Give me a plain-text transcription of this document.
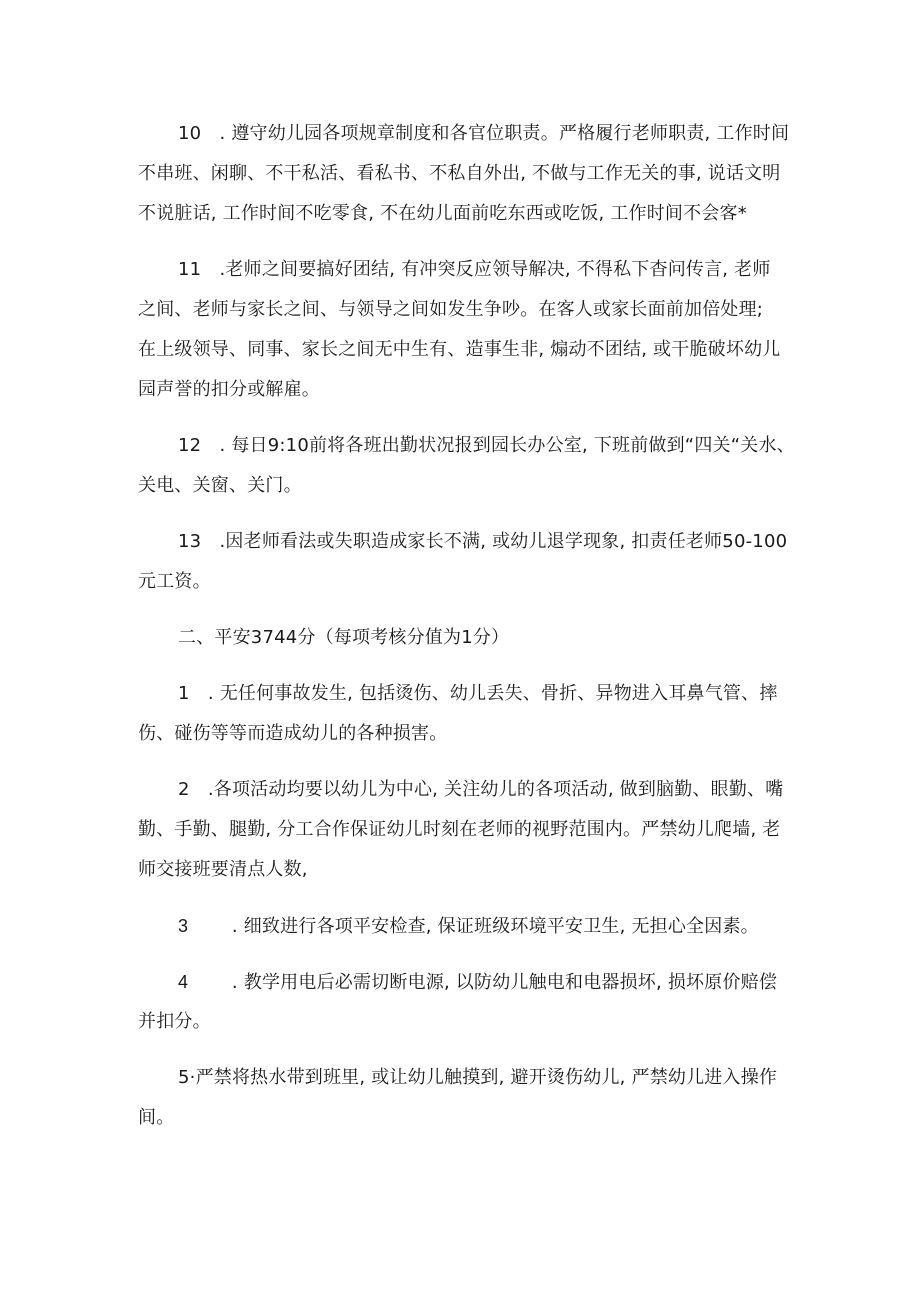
10　. 遵守幼儿园各项规章制度和各官位职责。严格履行老师职责, 工作时间
不串班、闲聊、不干私活、看私书、不私自外出, 不做与工作无关的事, 说话文明
不说脏话, 工作时间不吃零食, 不在幼儿面前吃东西或吃饭, 工作时间不会客*
11　.老师之间要搞好团结, 有冲突反应领导解决, 不得私下杳问传言, 老师
之间、老师与家长之间、与领导之间如发生争吵。在客人或家长面前加倍处理;
在上级领导、同事、家长之间无中生有、造事生非, 煽动不团结, 或干脆破坏幼儿
园声誉的扣分或解雇。
12　. 每日9:10前将各班出勤状况报到园长办公室, 下班前做到“四关“关水、
关电、关窗、关门。
13　.因老师看法或失职造成家长不满, 或幼儿退学现象, 扣责任老师50-100
元工资。
二、平安3744分（每项考核分值为1分）
1　. 无任何事故发生, 包括烫伤、幼儿丢失、骨折、异物进入耳鼻气管、摔
伤、碰伤等等而造成幼儿的各种损害。
2　.各项活动均要以幼儿为中心, 关注幼儿的各项活动, 做到脑勤、眼勤、嘴
勤、手勤、腿勤, 分工合作保证幼儿时刻在老师的视野范围内。严禁幼儿爬墙, 老
师交接班要清点人数,
3 . 细致进行各项平安检查, 保证班级环境平安卫生, 无担心全因素。
4 . 教学用电后必需切断电源, 以防幼儿触电和电器损坏, 损坏原价赔偿
并扣分。
5·严禁将热水带到班里, 或让幼儿触摸到, 避开烫伤幼儿, 严禁幼儿进入操作
间。
